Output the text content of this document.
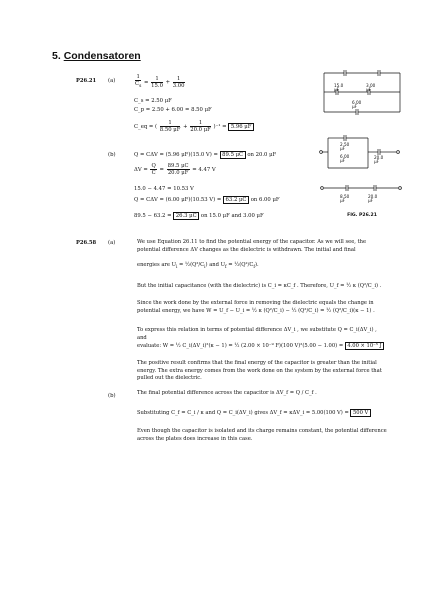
5. Condensatoren
P26.21 (a)	$\frac{1}{C_s} = \frac{1}{15.0} + \frac{1}{3.00}$
C_s = 2.50 μF
C_p = 2.50 + 6.00 = 8.50 μF
C_eq = ( $\frac{1}{8.50 \mu F} + \frac{1}{20.0 \mu F} )^{-1} = 5.96$ μF
(b)	Q = CΔV = (5.96 μF)(15.0 V) = 89.5 μC on 20.0 μF
$\Delta V = \frac{Q}{C} = \frac{89.5 \mu C}{20.0 \mu F} = 4.47$ V
15.0 − 4.47 = 10.53 V
Q = CΔV = (6.00 μF)(10.53 V) = 63.2 μC on 6.00 μF
89.5 − 63.2 = 26.3 μC on 15.0 μF and 3.00 μF
15.0
μF
3.00
μF
6.00
μF
2.50
μF
6.00
μF
20.0
μF
8.50
μF
20.0
μF
FIG. P26.21
P26.58 (a)	We use Equation 26.11 to find the potential energy of the capacitor. As we will see, the potential difference ΔV changes as the dielectric is withdrawn. The initial and final
energies are $U_i$ = $\frac{1}{2}(Q^2/C_i)$ and $U_f$ = $\frac{1}{2}(Q^2/C_f)$.
But the initial capacitance (with the dielectric) is C_i = κC_f . Therefore, U_f = ½ κ (Q²/C_i) .
Since the work done by the external force in removing the dielectric equals the change in potential energy, we have W = U_f − U_i = ½ κ (Q²/C_i) − ½ (Q²/C_i) = ½ (Q²/C_i)(κ − 1) .
To express this relation in terms of potential difference ΔV_i , we substitute Q = C_i(ΔV_i) , and
evaluate: W = ½ C_i(ΔV_i)²(κ − 1) = ½ (2.00 × 10⁻⁹ F)(100 V)²(5.00 − 1.00) = 4.00 × 10⁻⁵ J
The positive result confirms that the final energy of the capacitor is greater than the initial energy. The extra energy comes from the work done on the system by the external force that pulled out the dielectric.
(b)	The final potential difference across the capacitor is ΔV_f = Q / C_f .
Substituting C_f = C_i / κ and Q = C_i(ΔV_i) gives ΔV_f = κΔV_i = 5.00(100 V) = 500 V
Even though the capacitor is isolated and its charge remains constant, the potential difference across the plates does increase in this case.
